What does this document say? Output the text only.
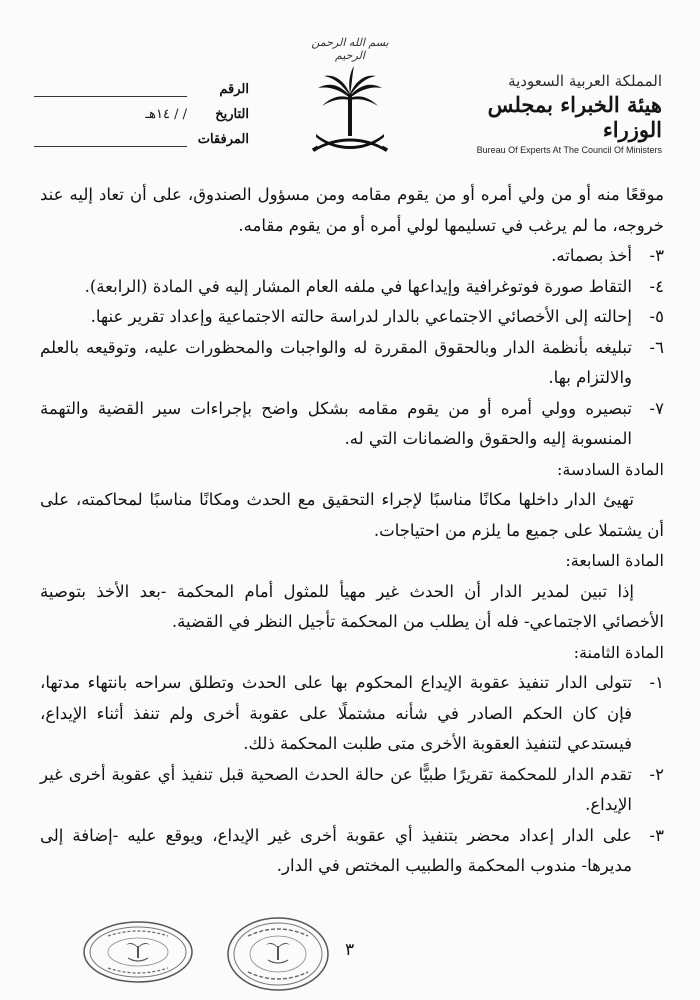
المملكة العربية السعودية
هيئة الخبراء بمجلس الوزراء
Bureau Of Experts At The Council Of Ministers
بسم الله الرحمن الرحيم
الرقم
التاريخ
/ / ١٤هـ
المرفقات

موقعًا منه أو من ولي أمره أو من يقوم مقامه ومن مسؤول الصندوق، على أن تعاد إليه عند خروجه، ما لم يرغب في تسليمها لولي أمره أو من يقوم مقامه.

٣-
أخذ بصماته.
٤-
التقاط صورة فوتوغرافية وإيداعها في ملفه العام المشار إليه في المادة (الرابعة).
٥-
إحالته إلى الأخصائي الاجتماعي بالدار لدراسة حالته الاجتماعية وإعداد تقرير عنها.
٦-
تبليغه بأنظمة الدار وبالحقوق المقررة له والواجبات والمحظورات عليه، وتوقيعه بالعلم والالتزام بها.
٧-
تبصيره وولي أمره أو من يقوم مقامه بشكل واضح بإجراءات سير القضية والتهمة المنسوبة إليه والحقوق والضمانات التي له.

المادة السادسة:

تهيئ الدار داخلها مكانًا مناسبًا لإجراء التحقيق مع الحدث ومكانًا مناسبًا لمحاكمته، على أن يشتملا على جميع ما يلزم من احتياجات.

المادة السابعة:

إذا تبين لمدير الدار أن الحدث غير مهيأ للمثول أمام المحكمة -بعد الأخذ بتوصية الأخصائي الاجتماعي- فله أن يطلب من المحكمة تأجيل النظر في القضية.

المادة الثامنة:

١-
تتولى الدار تنفيذ عقوبة الإيداع المحكوم بها على الحدث وتطلق سراحه بانتهاء مدتها، فإن كان الحكم الصادر في شأنه مشتملًا على عقوبة أخرى ولم تنفذ أثناء الإيداع، فيستدعي لتنفيذ العقوبة الأخرى متى طلبت المحكمة ذلك.
٢-
تقدم الدار للمحكمة تقريرًا طبيًّا عن حالة الحدث الصحية قبل تنفيذ أي عقوبة أخرى غير الإيداع.
٣-
على الدار إعداد محضر بتنفيذ أي عقوبة أخرى غير الإيداع، ويوقع عليه -إضافة إلى مديرها- مندوب المحكمة والطبيب المختص في الدار.
٣
